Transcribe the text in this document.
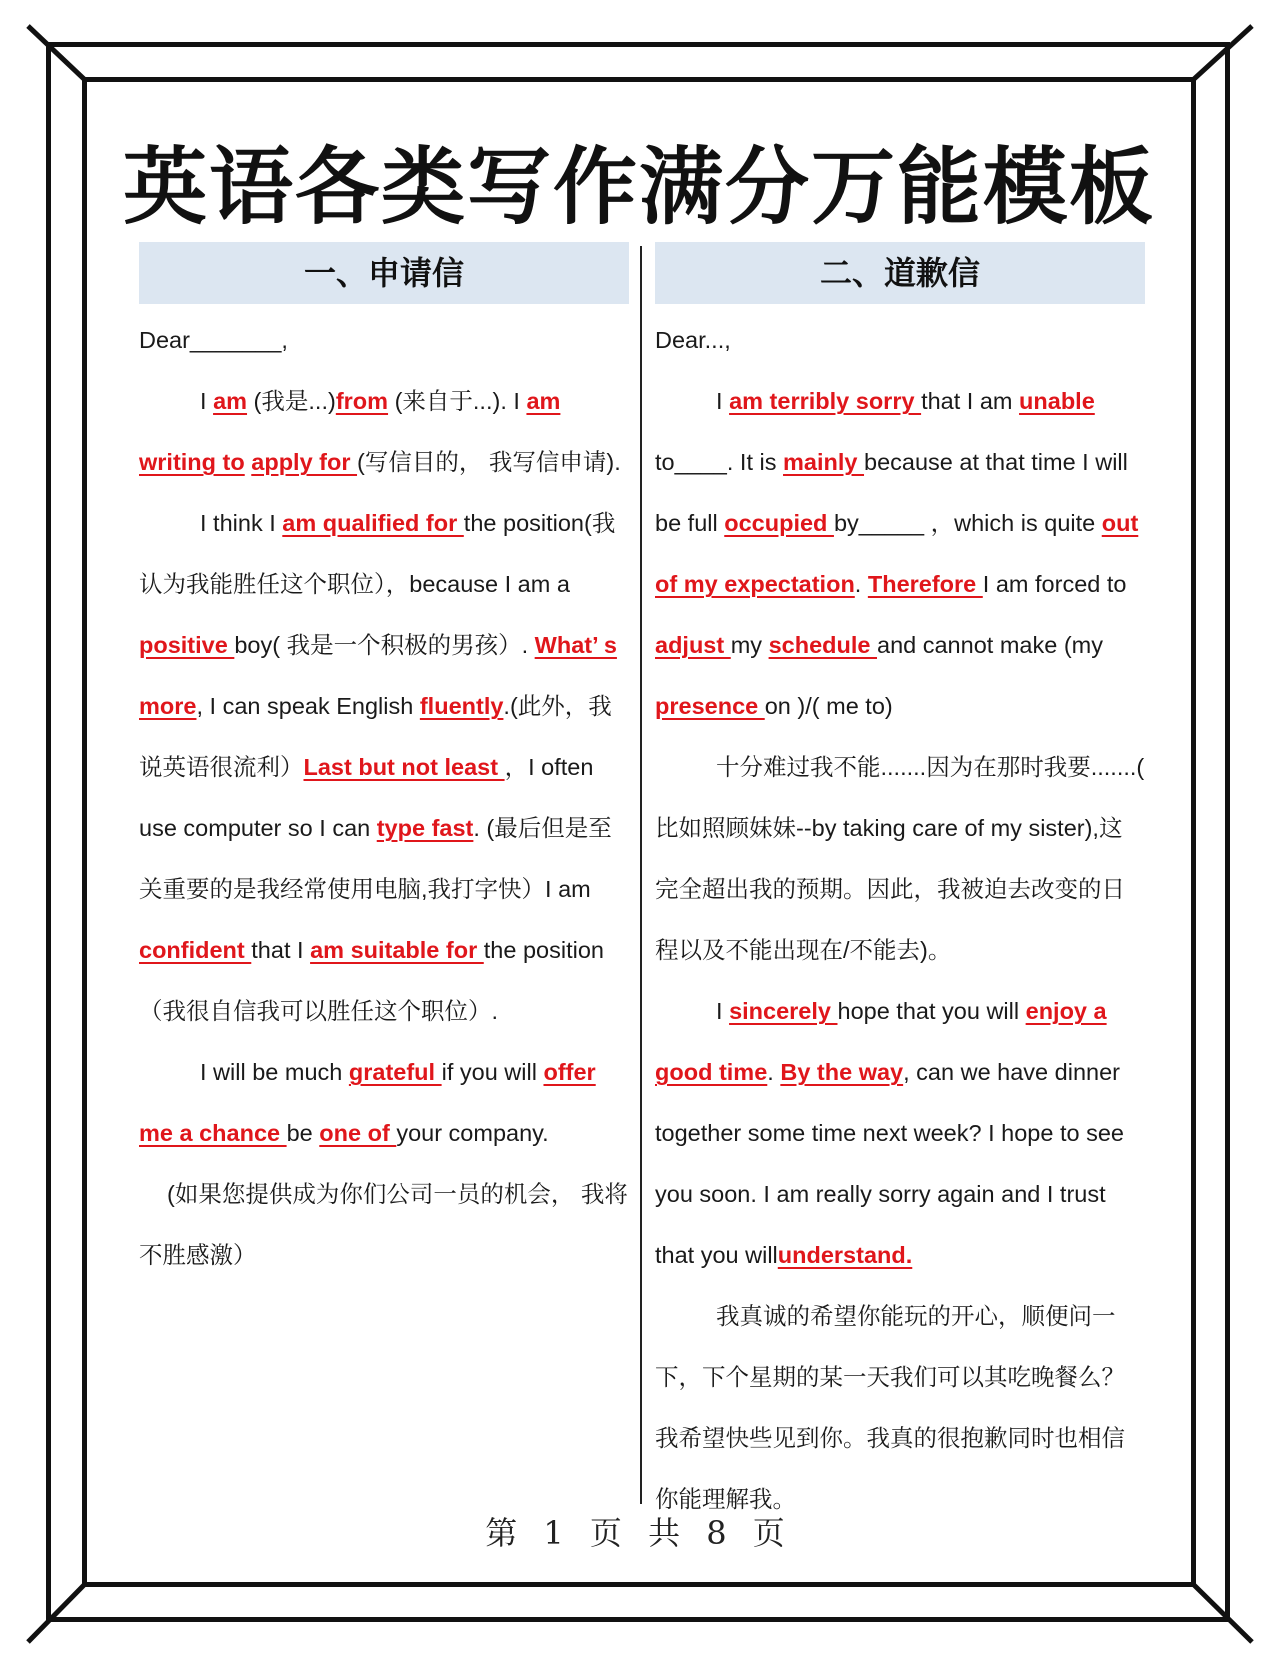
英语各类写作满分万能模板
一、申请信

Dear_______,

I am (我是...)from (来自于...). I am writing to apply for (写信目的， 我写信申请).

I think I am qualified for the position(我认为我能胜任这个职位），because I am a positive boy( 我是一个积极的男孩）. What’ s more, I can speak English fluently.(此外，我说英语很流利）Last but not least ，I often use computer so I can type fast. (最后但是至关重要的是我经常使用电脑,我打字快）I am confident that I am suitable for the position（我很自信我可以胜任这个职位）.

I will be much grateful if you will offer me a chance be one of your company.

(如果您提供成为你们公司一员的机会， 我将不胜感激）

二、道歉信

Dear...,

I am terribly sorry that I am unable to____. It is mainly because at that time I will be full occupied by_____ ，which is quite out of my expectation. Therefore I am forced to adjust my schedule and cannot make (my presence on )/( me to)

十分难过我不能.......因为在那时我要.......( 比如照顾妹妹--by taking care of my sister),这完全超出我的预期。因此，我被迫去改变的日程以及不能出现在/不能去)。

I sincerely hope that you will enjoy a good time. By the way, can we have dinner together some time next week? I hope to see you soon. I am really sorry again and I trust that you willunderstand.

我真诚的希望你能玩的开心，顺便问一下，下个星期的某一天我们可以其吃晚餐么？我希望快些见到你。我真的很抱歉同时也相信你能理解我。

第 1 页 共 8 页
